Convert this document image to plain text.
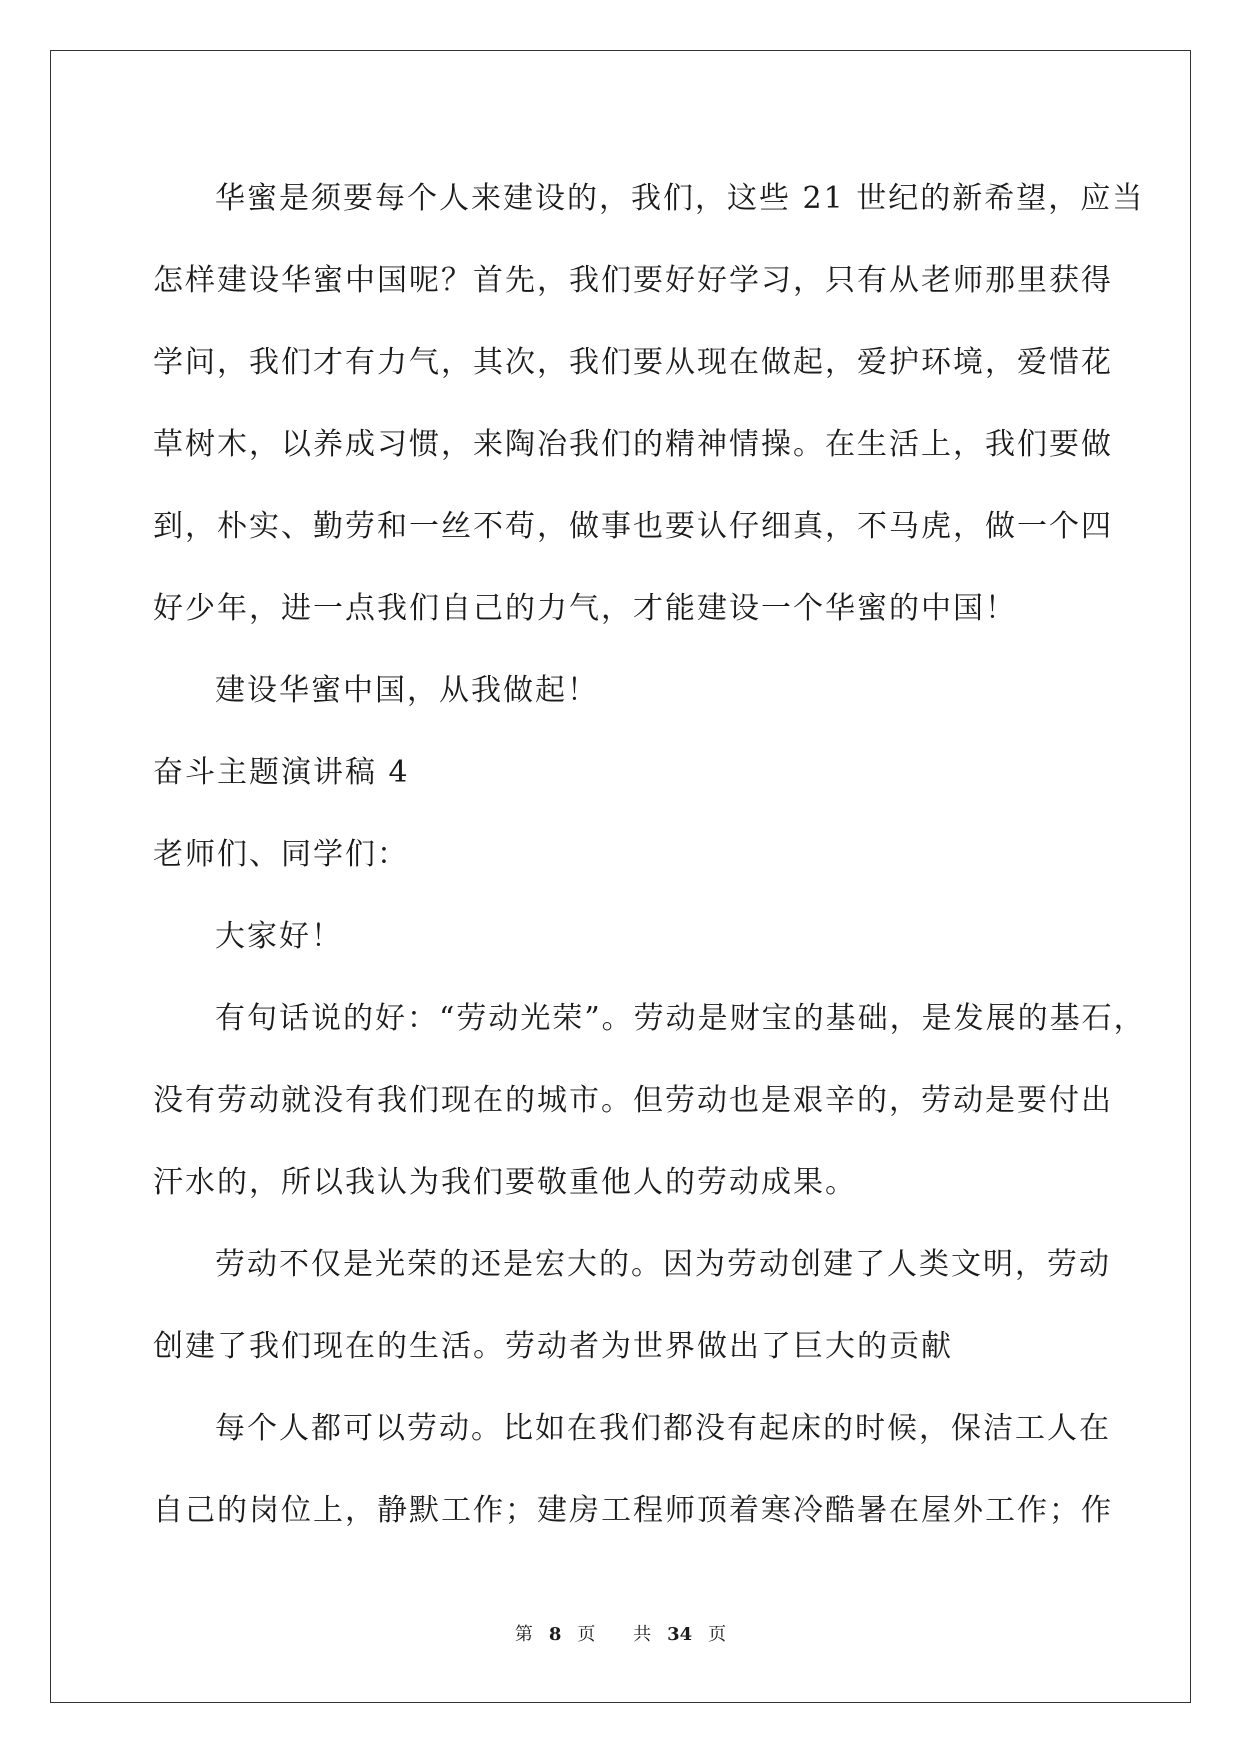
华蜜是须要每个人来建设的，我们，这些 21 世纪的新希望，应当

怎样建设华蜜中国呢？首先，我们要好好学习，只有从老师那里获得

学问，我们才有力气，其次，我们要从现在做起，爱护环境，爱惜花

草树木，以养成习惯，来陶冶我们的精神情操。在生活上，我们要做

到，朴实、勤劳和一丝不苟，做事也要认仔细真，不马虎，做一个四

好少年，进一点我们自己的力气，才能建设一个华蜜的中国！

建设华蜜中国，从我做起！

奋斗主题演讲稿 4

老师们、同学们：

大家好！

有句话说的好：“劳动光荣”。劳动是财宝的基础，是发展的基石，

没有劳动就没有我们现在的城市。但劳动也是艰辛的，劳动是要付出

汗水的，所以我认为我们要敬重他人的劳动成果。

劳动不仅是光荣的还是宏大的。因为劳动创建了人类文明，劳动

创建了我们现在的生活。劳动者为世界做出了巨大的贡献

每个人都可以劳动。比如在我们都没有起床的时候，保洁工人在

自己的岗位上，静默工作；建房工程师顶着寒冷酷暑在屋外工作；作

第 8 页 共 34 页
